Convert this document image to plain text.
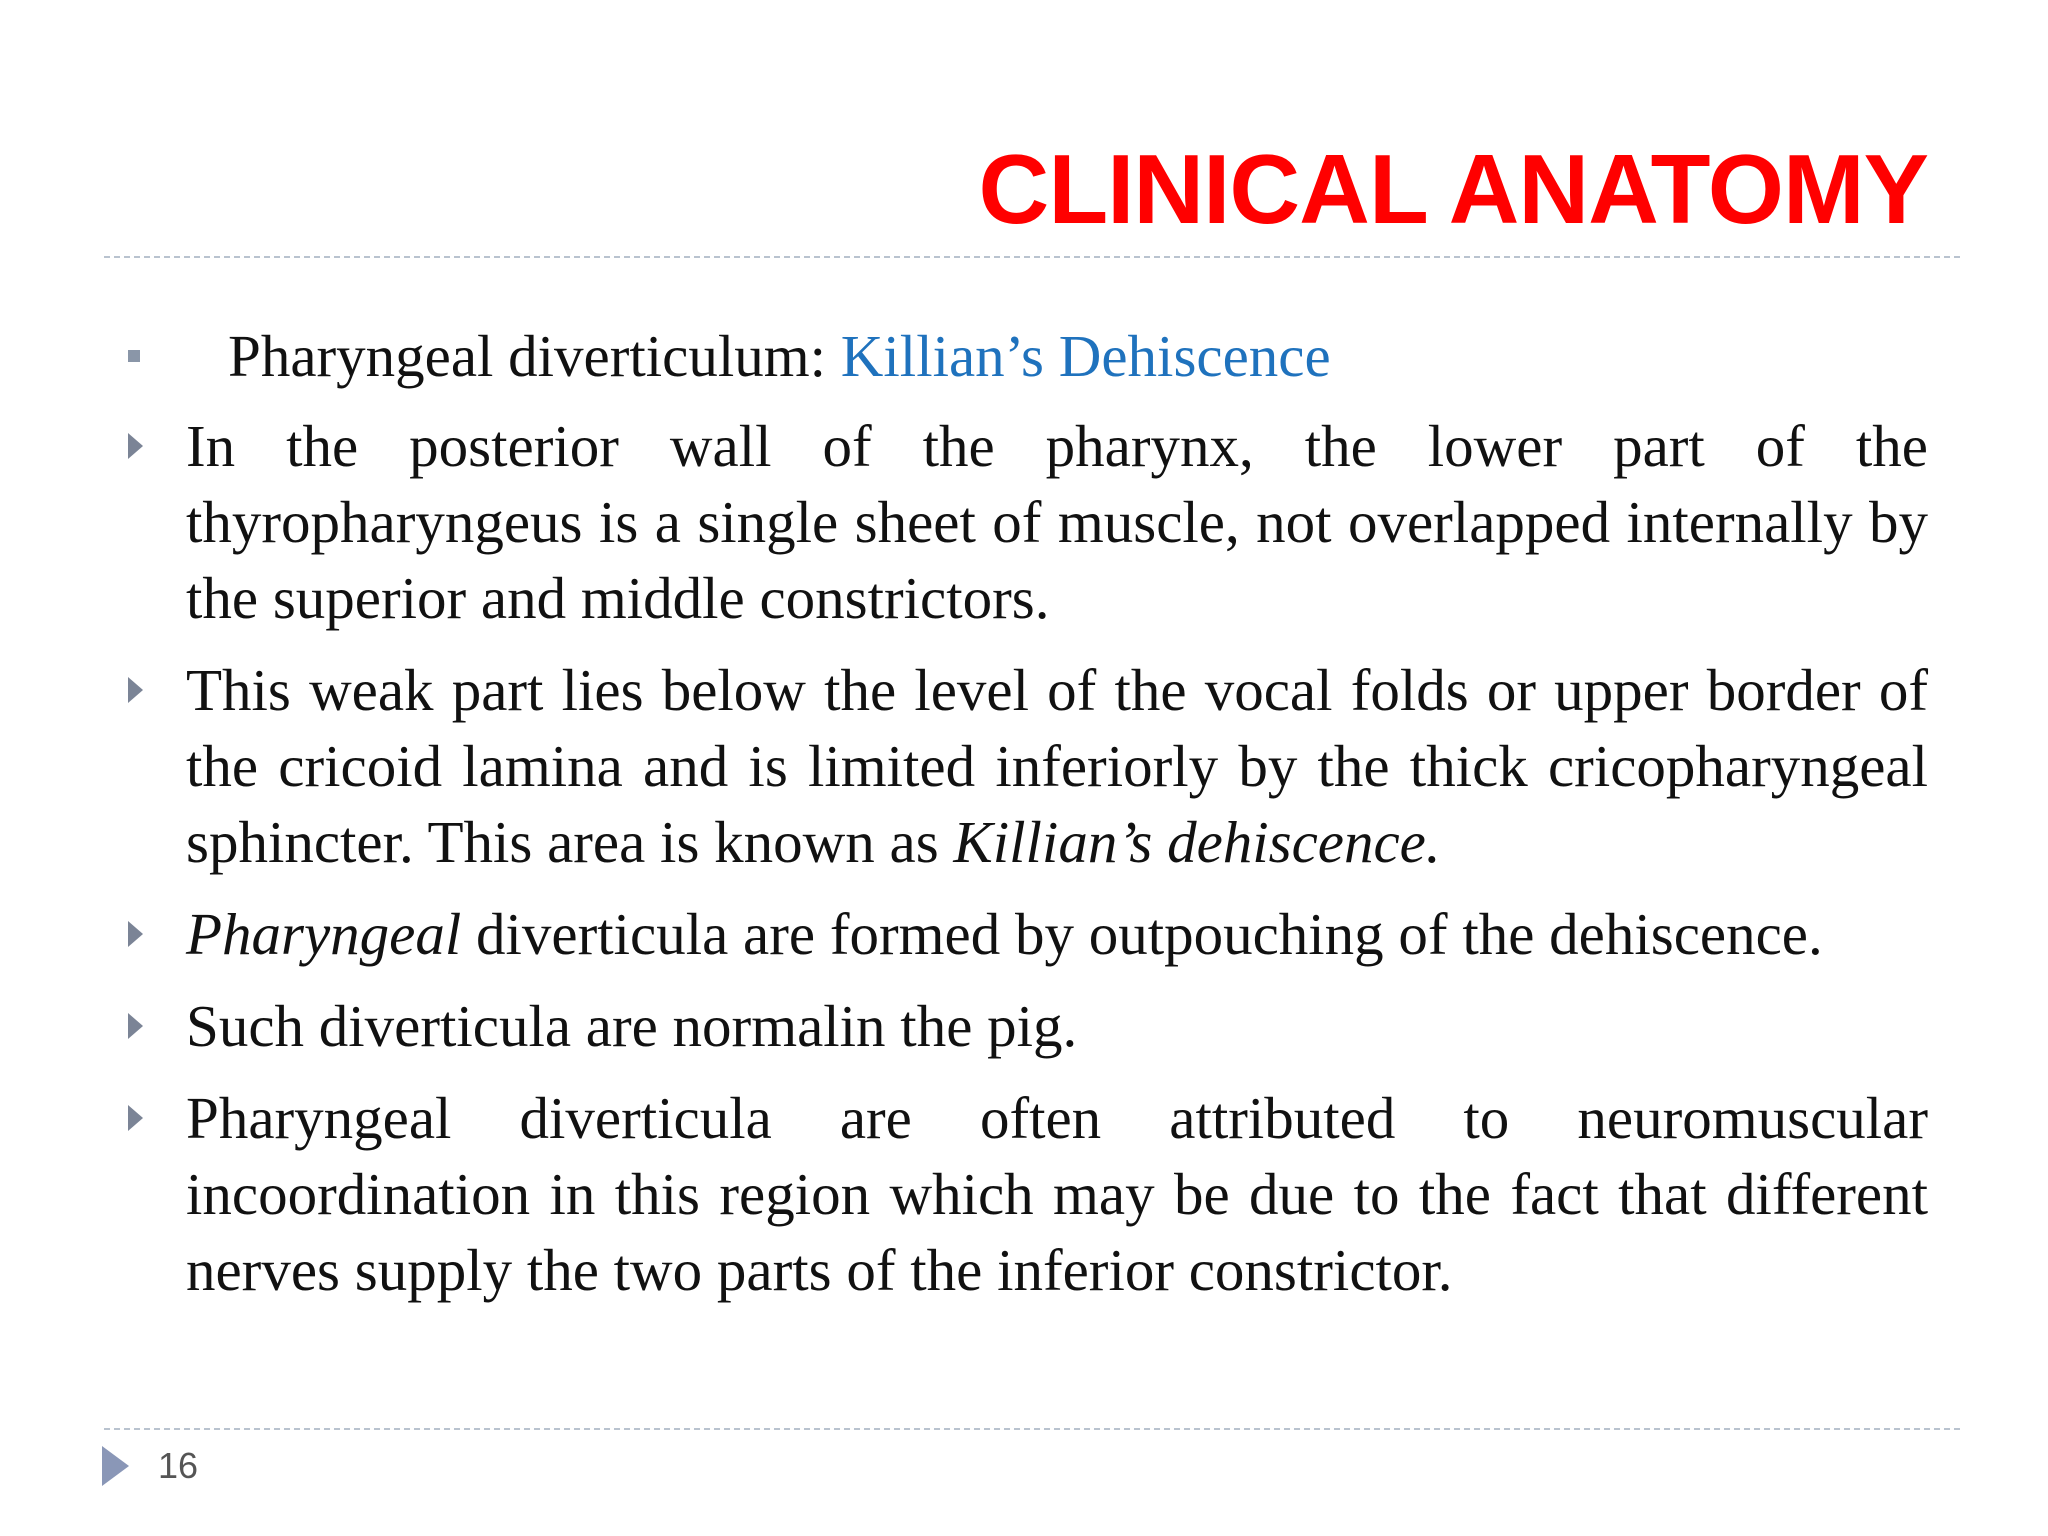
CLINICAL ANATOMY
Pharyngeal diverticulum: Killian’s Dehiscence
In the posterior wall of the pharynx, the lower part of the thyropharyngeus is a single sheet of muscle, not overlapped internally by the superior and middle constrictors.
This weak part lies below the level of the vocal folds or upper border of the cricoid lamina and is limited inferiorly by the thick cricopharyngeal sphincter. This area is known as Killian’s dehiscence.
Pharyngeal diverticula are formed by outpouching of the dehiscence.
Such diverticula are normalin the pig.
Pharyngeal diverticula are often attributed to neuromuscular incoordination in this region which may be due to the fact that different nerves supply the two parts of the inferior constrictor.
16
